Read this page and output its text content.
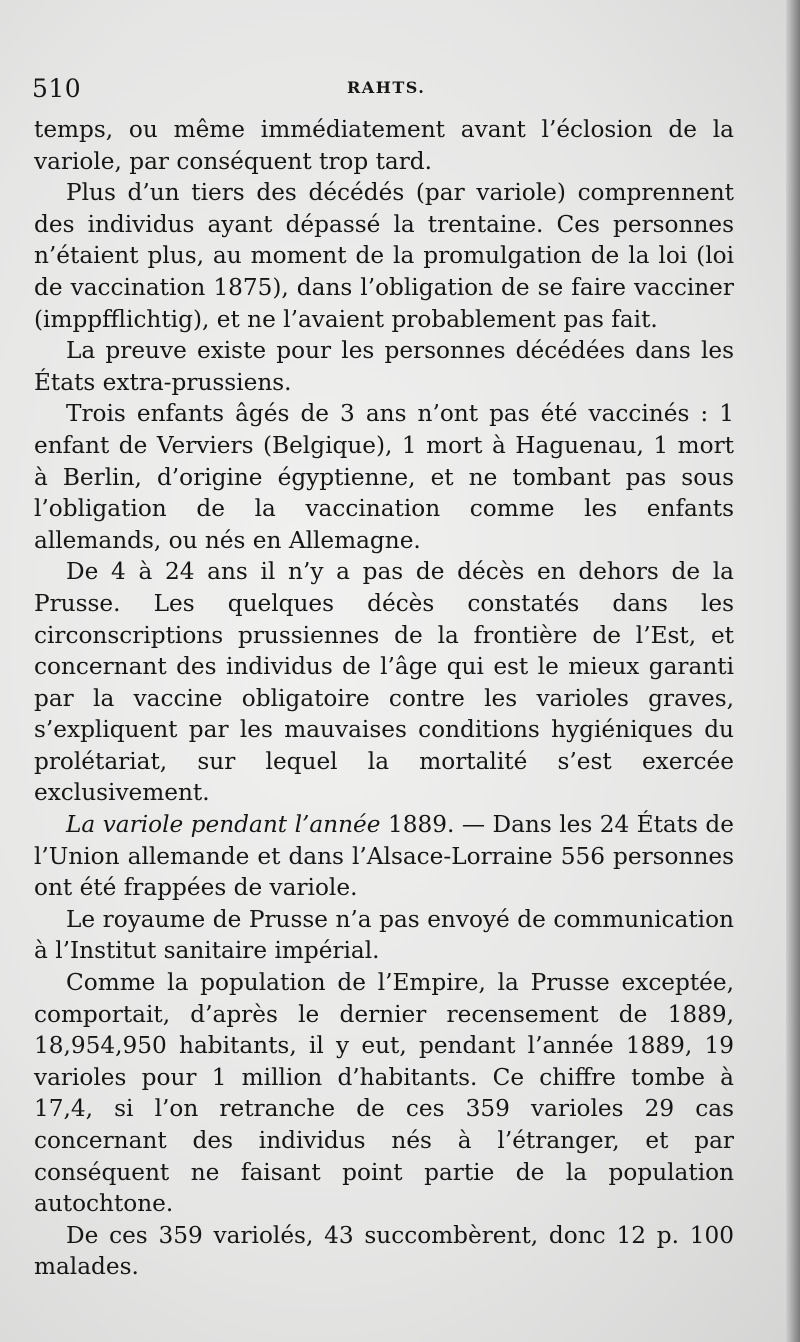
510	RAHTS.

temps, ou même immédiatement avant l’éclosion de la variole, par conséquent trop tard.

Plus d’un tiers des décédés (par variole) comprennent des individus ayant dépassé la trentaine. Ces personnes n’étaient plus, au moment de la promulgation de la loi (loi de vaccination 1875), dans l’obligation de se faire vacciner (imppfflichtig), et ne l’avaient probablement pas fait.

La preuve existe pour les personnes décédées dans les États extra-prussiens.

Trois enfants âgés de 3 ans n’ont pas été vaccinés : 1 enfant de Verviers (Belgique), 1 mort à Haguenau, 1 mort à Berlin, d’origine égyptienne, et ne tombant pas sous l’obligation de la vaccination comme les enfants allemands, ou nés en Allemagne.

De 4 à 24 ans il n’y a pas de décès en dehors de la Prusse. Les quelques décès constatés dans les circonscriptions prussiennes de la frontière de l’Est, et concernant des individus de l’âge qui est le mieux garanti par la vaccine obligatoire contre les varioles graves, s’expliquent par les mauvaises conditions hygiéniques du prolétariat, sur lequel la mortalité s’est exercée exclusivement.

La variole pendant l’année 1889. — Dans les 24 États de l’Union allemande et dans l’Alsace-Lorraine 556 personnes ont été frappées de variole.

Le royaume de Prusse n’a pas envoyé de communication à l’Institut sanitaire impérial.

Comme la population de l’Empire, la Prusse exceptée, comportait, d’après le dernier recensement de 1889, 18,954,950 habitants, il y eut, pendant l’année 1889, 19 varioles pour 1 million d’habitants. Ce chiffre tombe à 17,4, si l’on retranche de ces 359 varioles 29 cas concernant des individus nés à l’étranger, et par conséquent ne faisant point partie de la population autochtone.

De ces 359 variolés, 43 succombèrent, donc 12 p. 100 malades.
